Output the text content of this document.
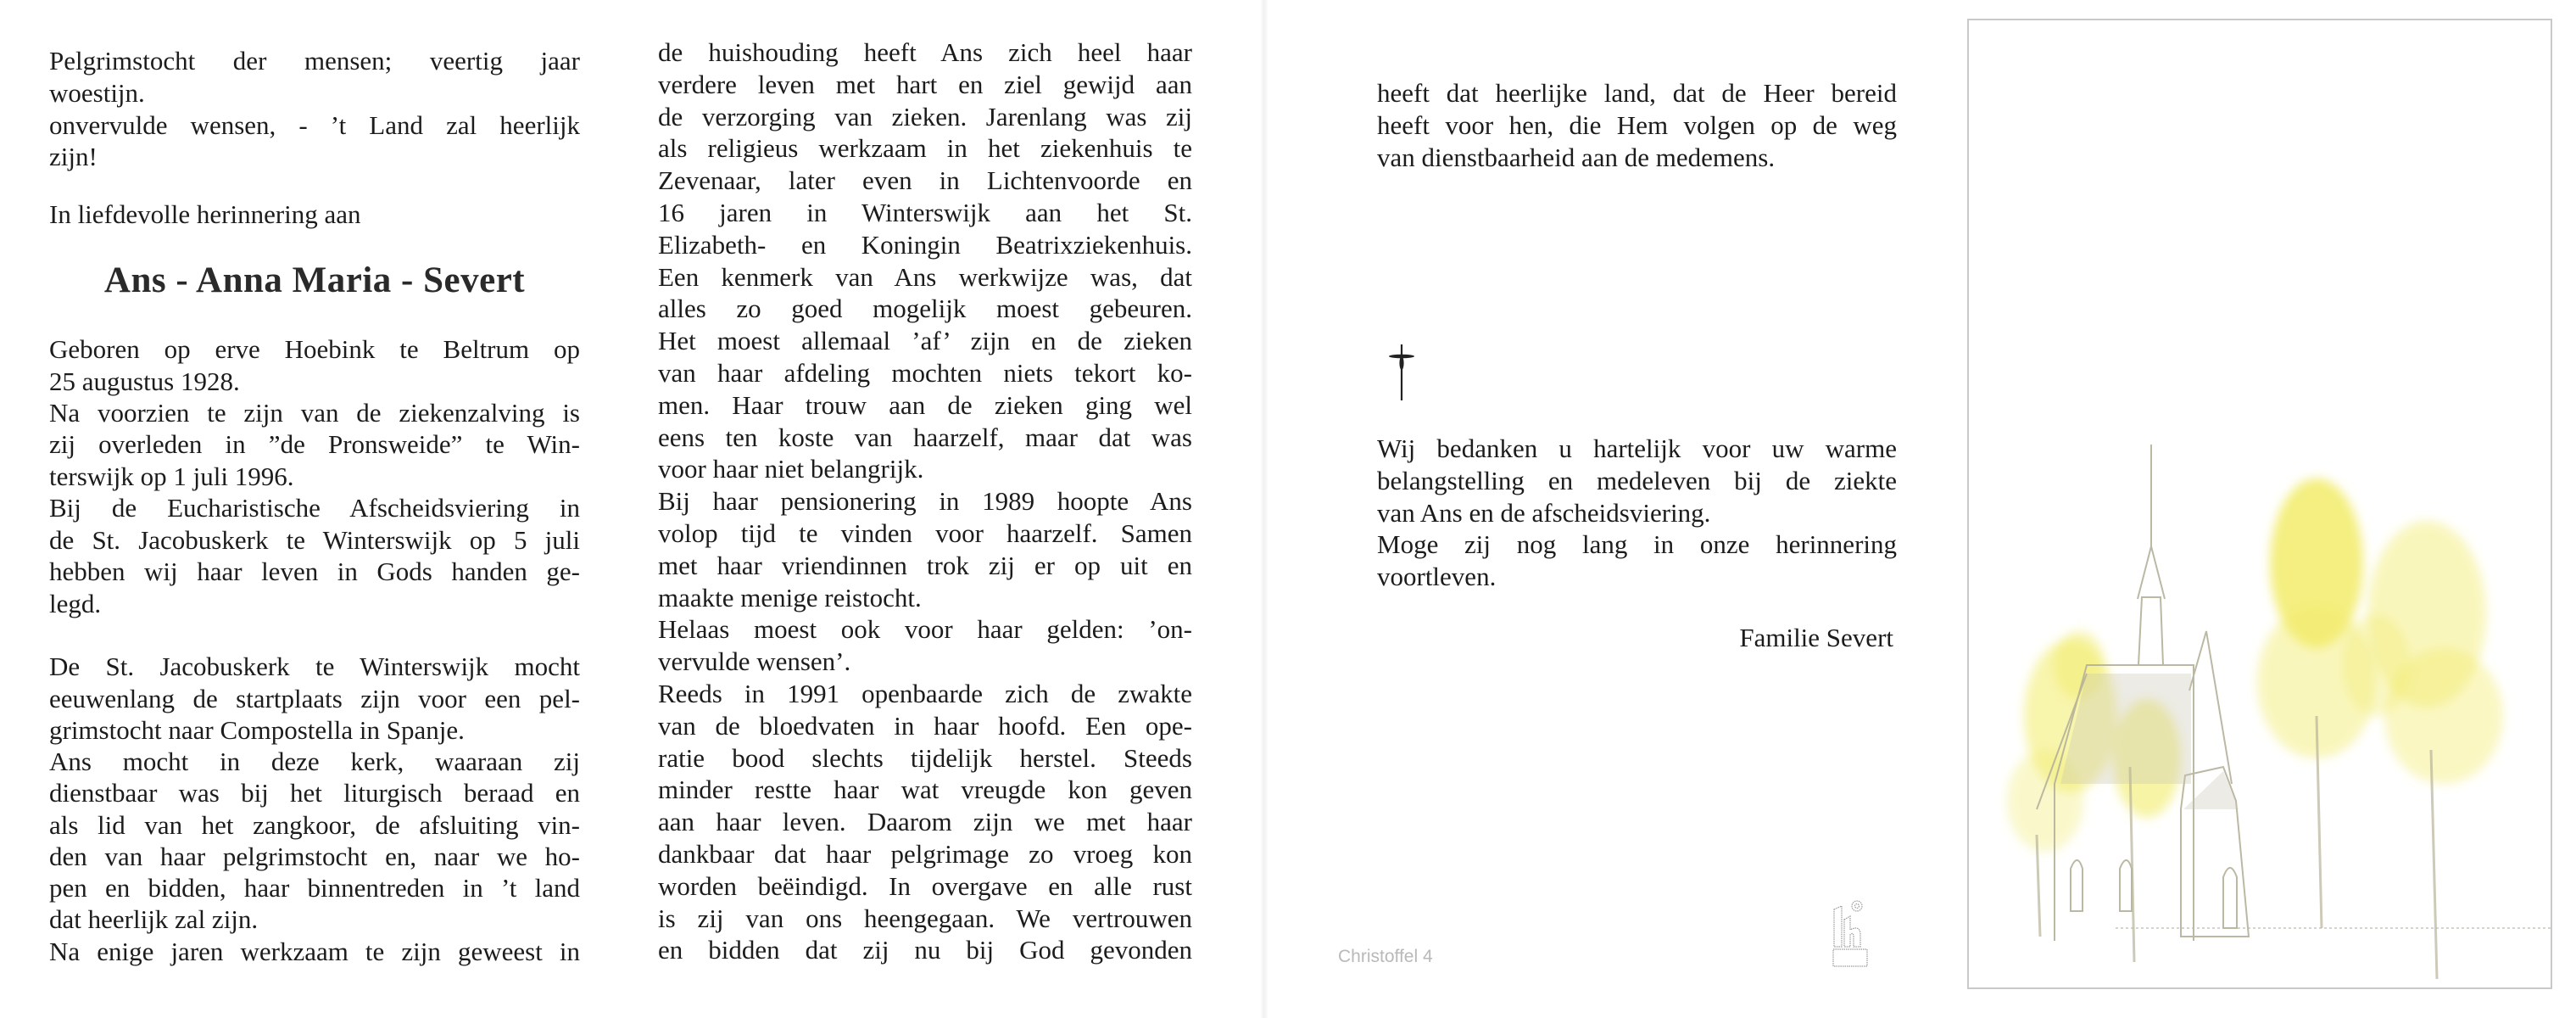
Pelgrimstocht der mensen; veertig jaar
woestijn.
onvervulde wensen, - ’t Land zal heerlijk
zijn!
In liefdevolle herinnering aan
Geboren op erve Hoebink te Beltrum op
25 augustus 1928.
Na voorzien te zijn van de ziekenzalving is
zij overleden in ”de Pronsweide” te Win-
terswijk op 1 juli 1996.
Bij de Eucharistische Afscheidsviering in
de St. Jacobuskerk te Winterswijk op 5 juli
hebben wij haar leven in Gods handen ge-
legd.
De St. Jacobuskerk te Winterswijk mocht
eeuwenlang de startplaats zijn voor een pel-
grimstocht naar Compostella in Spanje.
Ans mocht in deze kerk, waaraan zij
dienstbaar was bij het liturgisch beraad en
als lid van het zangkoor, de afsluiting vin-
den van haar pelgrimstocht en, naar we ho-
pen en bidden, haar binnentreden in ’t land
dat heerlijk zal zijn.
Na enige jaren werkzaam te zijn geweest in
Ans - Anna Maria - Severt
de huishouding heeft Ans zich heel haar
verdere leven met hart en ziel gewijd aan
de verzorging van zieken. Jarenlang was zij
als religieus werkzaam in het ziekenhuis te
Zevenaar, later even in Lichtenvoorde en
16 jaren in Winterswijk aan het St.
Elizabeth- en Koningin Beatrixziekenhuis.
Een kenmerk van Ans werkwijze was, dat
alles zo goed mogelijk moest gebeuren.
Het moest allemaal ’af’ zijn en de zieken
van haar afdeling mochten niets tekort ko-
men. Haar trouw aan de zieken ging wel
eens ten koste van haarzelf, maar dat was
voor haar niet belangrijk.
Bij haar pensionering in 1989 hoopte Ans
volop tijd te vinden voor haarzelf. Samen
met haar vriendinnen trok zij er op uit en
maakte menige reistocht.
Helaas moest ook voor haar gelden: ’on-
vervulde wensen’.
Reeds in 1991 openbaarde zich de zwakte
van de bloedvaten in haar hoofd. Een ope-
ratie bood slechts tijdelijk herstel. Steeds
minder restte haar wat vreugde kon geven
aan haar leven. Daarom zijn we met haar
dankbaar dat haar pelgrimage zo vroeg kon
worden beëindigd. In overgave en alle rust
is zij van ons heengegaan. We vertrouwen
en bidden dat zij nu bij God gevonden
heeft dat heerlijke land, dat de Heer bereid
heeft voor hen, die Hem volgen op de weg
van dienstbaarheid aan de medemens.
Wij bedanken u hartelijk voor uw warme
belangstelling en medeleven bij de ziekte
van Ans en de afscheidsviering.
Moge zij nog lang in onze herinnering
voortleven.
Familie Severt
Christoffel 4
